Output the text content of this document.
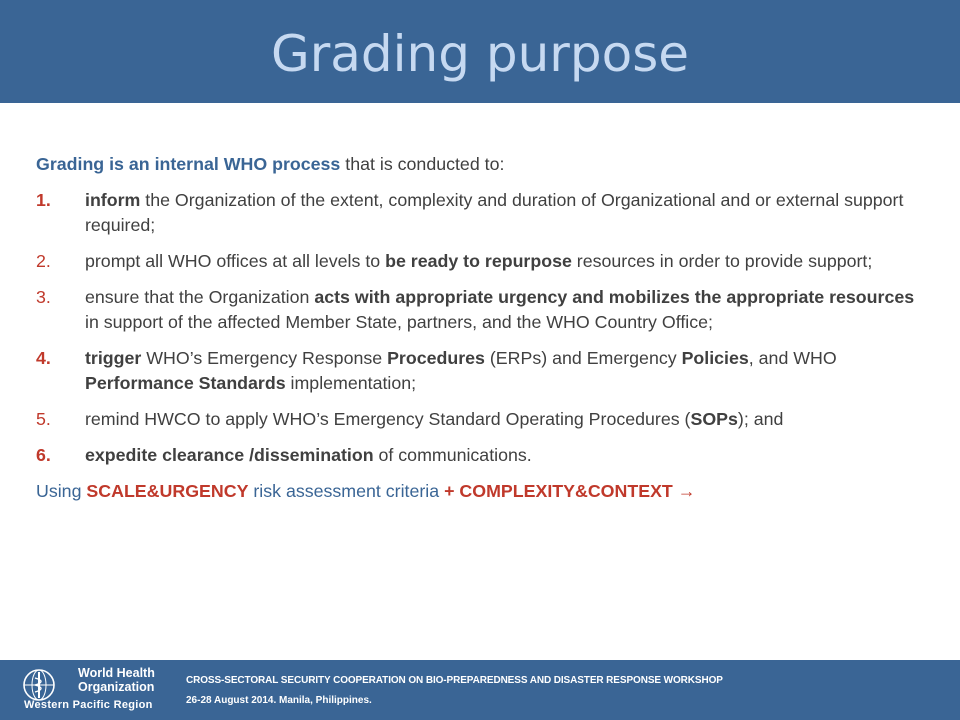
Grading purpose

Grading is an internal WHO process that is conducted to:

1. inform the Organization of the extent, complexity and duration of Organizational and or external support required;
2. prompt all WHO offices at all levels to be ready to repurpose resources in order to provide support;
3. ensure that the Organization acts with appropriate urgency and mobilizes the appropriate resources in support of the affected Member State, partners, and the WHO Country Office;
4. trigger WHO’s Emergency Response Procedures (ERPs) and Emergency Policies, and WHO Performance Standards implementation;
5. remind HWCO to apply WHO’s Emergency Standard Operating Procedures (SOPs); and
6. expedite clearance /dissemination of communications.

Using SCALE&URGENCY risk assessment criteria + COMPLEXITY&CONTEXT →

World Health
Organization
Western Pacific Region
CROSS-SECTORAL SECURITY COOPERATION ON BIO-PREPAREDNESS AND DISASTER RESPONSE WORKSHOP
26-28 August 2014. Manila, Philippines.
